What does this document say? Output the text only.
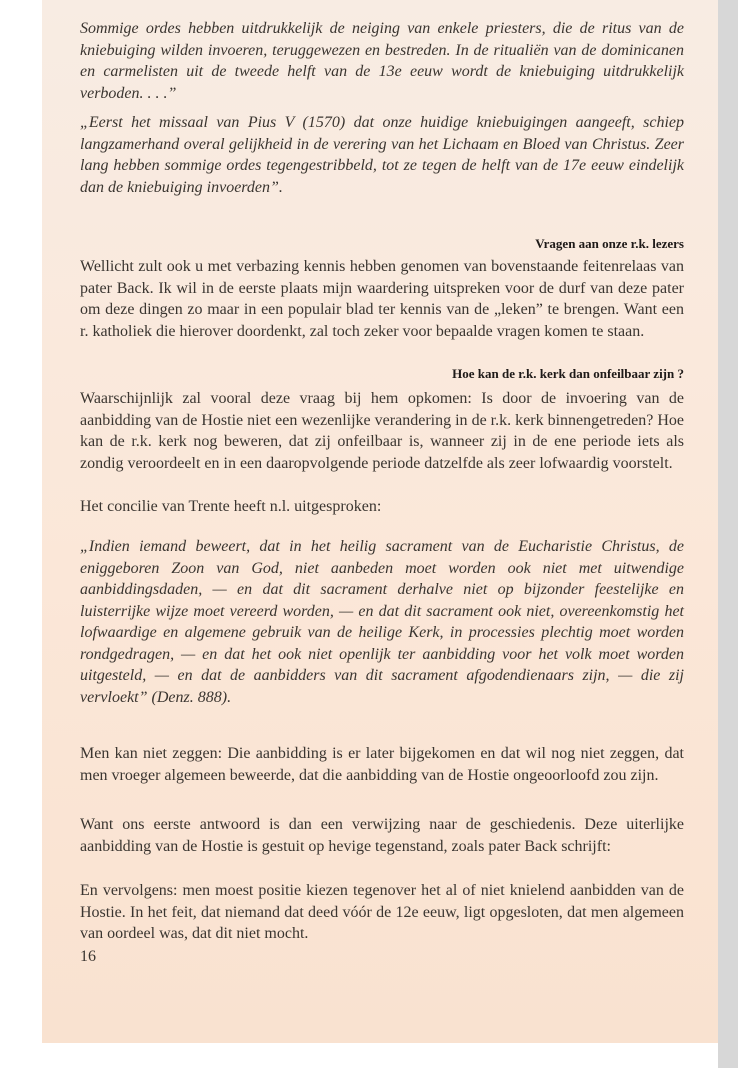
Sommige ordes hebben uitdrukkelijk de neiging van enkele priesters, die de ritus van de kniebuiging wilden invoeren, teruggewezen en bestreden. In de ritualiën van de dominicanen en carmelisten uit de tweede helft van de 13e eeuw wordt de kniebuiging uitdrukkelijk verboden. . . .”
„Eerst het missaal van Pius V (1570) dat onze huidige kniebuigingen aangeeft, schiep langzamerhand overal gelijkheid in de verering van het Lichaam en Bloed van Christus. Zeer lang hebben sommige ordes tegengestribbeld, tot ze tegen de helft van de 17e eeuw eindelijk dan de kniebuiging invoerden”.
Vragen aan onze r.k. lezers
Wellicht zult ook u met verbazing kennis hebben genomen van bovenstaande feitenrelaas van pater Back. Ik wil in de eerste plaats mijn waardering uitspreken voor de durf van deze pater om deze dingen zo maar in een populair blad ter kennis van de „leken” te brengen. Want een r. katholiek die hierover doordenkt, zal toch zeker voor bepaalde vragen komen te staan.
Hoe kan de r.k. kerk dan onfeilbaar zijn ?
Waarschijnlijk zal vooral deze vraag bij hem opkomen: Is door de invoering van de aanbidding van de Hostie niet een wezenlijke verandering in de r.k. kerk binnengetreden? Hoe kan de r.k. kerk nog beweren, dat zij onfeilbaar is, wanneer zij in de ene periode iets als zondig veroordeelt en in een daaropvolgende periode datzelfde als zeer lofwaardig voorstelt.
Het concilie van Trente heeft n.l. uitgesproken:
„Indien iemand beweert, dat in het heilig sacrament van de Eucharistie Christus, de eniggeboren Zoon van God, niet aanbeden moet worden ook niet met uitwendige aanbiddingsdaden, — en dat dit sacrament derhalve niet op bijzonder feestelijke en luisterrijke wijze moet vereerd worden, — en dat dit sacrament ook niet, overeenkomstig het lofwaardige en algemene gebruik van de heilige Kerk, in processies plechtig moet worden rondgedragen, — en dat het ook niet openlijk ter aanbidding voor het volk moet worden uitgesteld, — en dat de aanbidders van dit sacrament afgodendienaars zijn, — die zij vervloekt” (Denz. 888).
Men kan niet zeggen: Die aanbidding is er later bijgekomen en dat wil nog niet zeggen, dat men vroeger algemeen beweerde, dat die aanbidding van de Hostie ongeoorloofd zou zijn.
Want ons eerste antwoord is dan een verwijzing naar de geschiedenis. Deze uiterlijke aanbidding van de Hostie is gestuit op hevige tegenstand, zoals pater Back schrijft:
En vervolgens: men moest positie kiezen tegenover het al of niet knielend aanbidden van de Hostie. In het feit, dat niemand dat deed vóór de 12e eeuw, ligt opgesloten, dat men algemeen van oordeel was, dat dit niet mocht.
16
